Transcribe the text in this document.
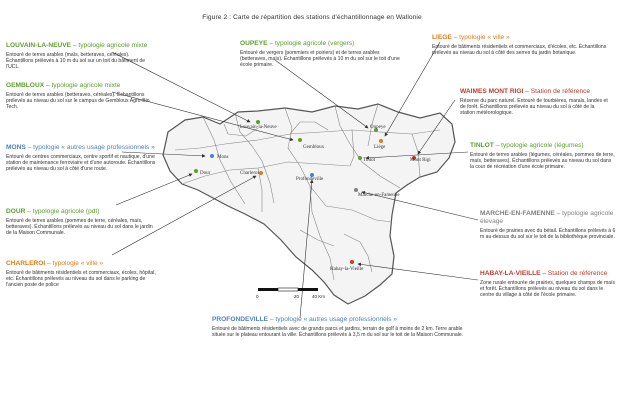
Figure 2 : Carte de répartition des stations d'échantillonnage en Wallonie
Louvain-la-Neuve
Gembloux
Mons
Dour	Charleroi
Profondeville
Oupeye
Liège
Tinlot	Mont Rigi
Marche-en-Famenne
Habay-la-Vieille
0	20	40 Km
LOUVAIN-LA-NEUVE – typologie agricole mixte
Entouré de terres arables (maïs, betteraves, céréales). Échantillons prélevés à 10 m du sol sur un toit du bâtiment de l'UCL.
GEMBLOUX – typologie agricole mixte
Entouré de terres arables (betteraves, céréales). Échantillons prélevés au niveau du sol sur le campus de Gembloux Agro-Bio Tech.
MONS – typologie « autres usage professionnels »
Entouré de centres commerciaux, centre sportif et nautique, d'une station de maintenance ferroviaire et d'une autoroute. Échantillons prélevés au niveau du sol à côté d'une route.
DOUR – typologie agricole (pdt)
Entouré de terres arables (pommes de terre, céréales, maïs, betteraves). Échantillons prélevés au niveau du sol dans le jardin de la Maison Communale.
CHARLEROI – typologie « ville »
Entouré de bâtiments résidentiels et commerciaux, écoles, hôpital, etc. Échantillons prélevés au niveau du sol dans le parking de l'ancien poste de police
OUPEYE – typologie agricole (vergers)
Entouré de vergers (pommiers et poiriers) et de terres arables (betteraves, maïs). Échantillons prélevés à 10 m du sol sur le toit d'une école primaire.
LIEGE – typologie « ville »
Entouré de bâtiments résidentiels et commerciaux, d'écoles, etc. Échantillons prélevés au niveau du sol à côté des serres du jardin botanique.
WAIMES MONT RIGI – Station de référence
Réserve du parc naturel. Entouré de tourbières, marais, landes et de forêt. Échantillons prélevés au niveau du sol à côté de la station météorologique.
TINLOT – typologie agricole (légumes)
Entouré de terres arables (légumes, céréales, pommes de terre, maïs, betteraves). Échantillons prélevés au niveau du sol dans la cour de récréation d'une école primaire.
MARCHE-EN-FAMENNE – typologie agricole élevage
Entouré de prairies avec du bétail. Échantillons prélevés à 6 m au-dessus du sol sur le toit de la bibliothèque provinciale.
HABAY-LA-VIEILLE – Station de référence
Zone rurale entourée de prairies, quelques champs de maïs et forêt. Échantillons prélevés au niveau du sol dans le centre du village à côté de l'école primaire.
PROFONDEVILLE – typologie « autres usage professionnels »
Entouré de bâtiments résidentiels avec de grands parcs et jardins, terrain de golf à moins de 2 km. Terre arable située sur le plateau entourant la ville. Échantillons prélevés à 3,5 m du sol sur le toit de la Maison Communale.
